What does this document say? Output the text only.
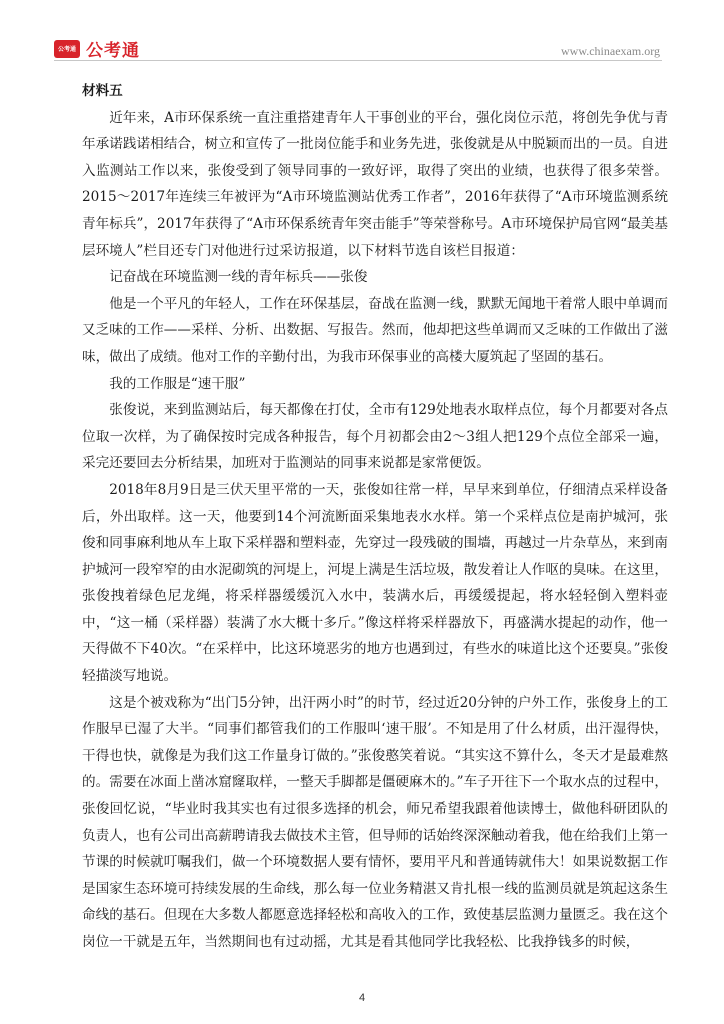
公考通 公考通	www.chinaexam.org

材料五

近年来，A市环保系统一直注重搭建青年人干事创业的平台，强化岗位示范，将创先争优与青年承诺践诺相结合，树立和宣传了一批岗位能手和业务先进，张俊就是从中脱颖而出的一员。自进入监测站工作以来，张俊受到了领导同事的一致好评，取得了突出的业绩，也获得了很多荣誉。2015～2017年连续三年被评为“A市环境监测站优秀工作者”，2016年获得了“A市环境监测系统青年标兵”，2017年获得了“A市环保系统青年突击能手”等荣誉称号。A市环境保护局官网“最美基层环境人”栏目还专门对他进行过采访报道，以下材料节选自该栏目报道：

记奋战在环境监测一线的青年标兵——张俊

他是一个平凡的年轻人，工作在环保基层，奋战在监测一线，默默无闻地干着常人眼中单调而又乏味的工作——采样、分析、出数据、写报告。然而，他却把这些单调而又乏味的工作做出了滋味，做出了成绩。他对工作的辛勤付出，为我市环保事业的高楼大厦筑起了坚固的基石。

我的工作服是“速干服”

张俊说，来到监测站后，每天都像在打仗，全市有129处地表水取样点位，每个月都要对各点位取一次样，为了确保按时完成各种报告，每个月初都会由2～3组人把129个点位全部采一遍，采完还要回去分析结果，加班对于监测站的同事来说都是家常便饭。

2018年8月9日是三伏天里平常的一天，张俊如往常一样，早早来到单位，仔细清点采样设备后，外出取样。这一天，他要到14个河流断面采集地表水水样。第一个采样点位是南护城河，张俊和同事麻利地从车上取下采样器和塑料壶，先穿过一段残破的围墙，再越过一片杂草丛，来到南护城河一段窄窄的由水泥砌筑的河堤上，河堤上满是生活垃圾，散发着让人作呕的臭味。在这里，张俊拽着绿色尼龙绳，将采样器缓缓沉入水中，装满水后，再缓缓提起，将水轻轻倒入塑料壶中，“这一桶（采样器）装满了水大概十多斤。”像这样将采样器放下，再盛满水提起的动作，他一天得做不下40次。“在采样中，比这环境恶劣的地方也遇到过，有些水的味道比这个还要臭。”张俊轻描淡写地说。

这是个被戏称为“出门5分钟，出汗两小时”的时节，经过近20分钟的户外工作，张俊身上的工作服早已湿了大半。“同事们都管我们的工作服叫‘速干服’。不知是用了什么材质，出汗湿得快，干得也快，就像是为我们这工作量身订做的。”张俊憨笑着说。“其实这不算什么，冬天才是最难熬的。需要在冰面上凿冰窟窿取样，一整天手脚都是僵硬麻木的。”车子开往下一个取水点的过程中，张俊回忆说，“毕业时我其实也有过很多选择的机会，师兄希望我跟着他读博士，做他科研团队的负责人，也有公司出高薪聘请我去做技术主管，但导师的话始终深深触动着我，他在给我们上第一节课的时候就叮嘱我们，做一个环境数据人要有情怀，要用平凡和普通铸就伟大！如果说数据工作是国家生态环境可持续发展的生命线，那么每一位业务精湛又肯扎根一线的监测员就是筑起这条生命线的基石。但现在大多数人都愿意选择轻松和高收入的工作，致使基层监测力量匮乏。我在这个岗位一干就是五年，当然期间也有过动摇，尤其是看其他同学比我轻松、比我挣钱多的时候，

4
